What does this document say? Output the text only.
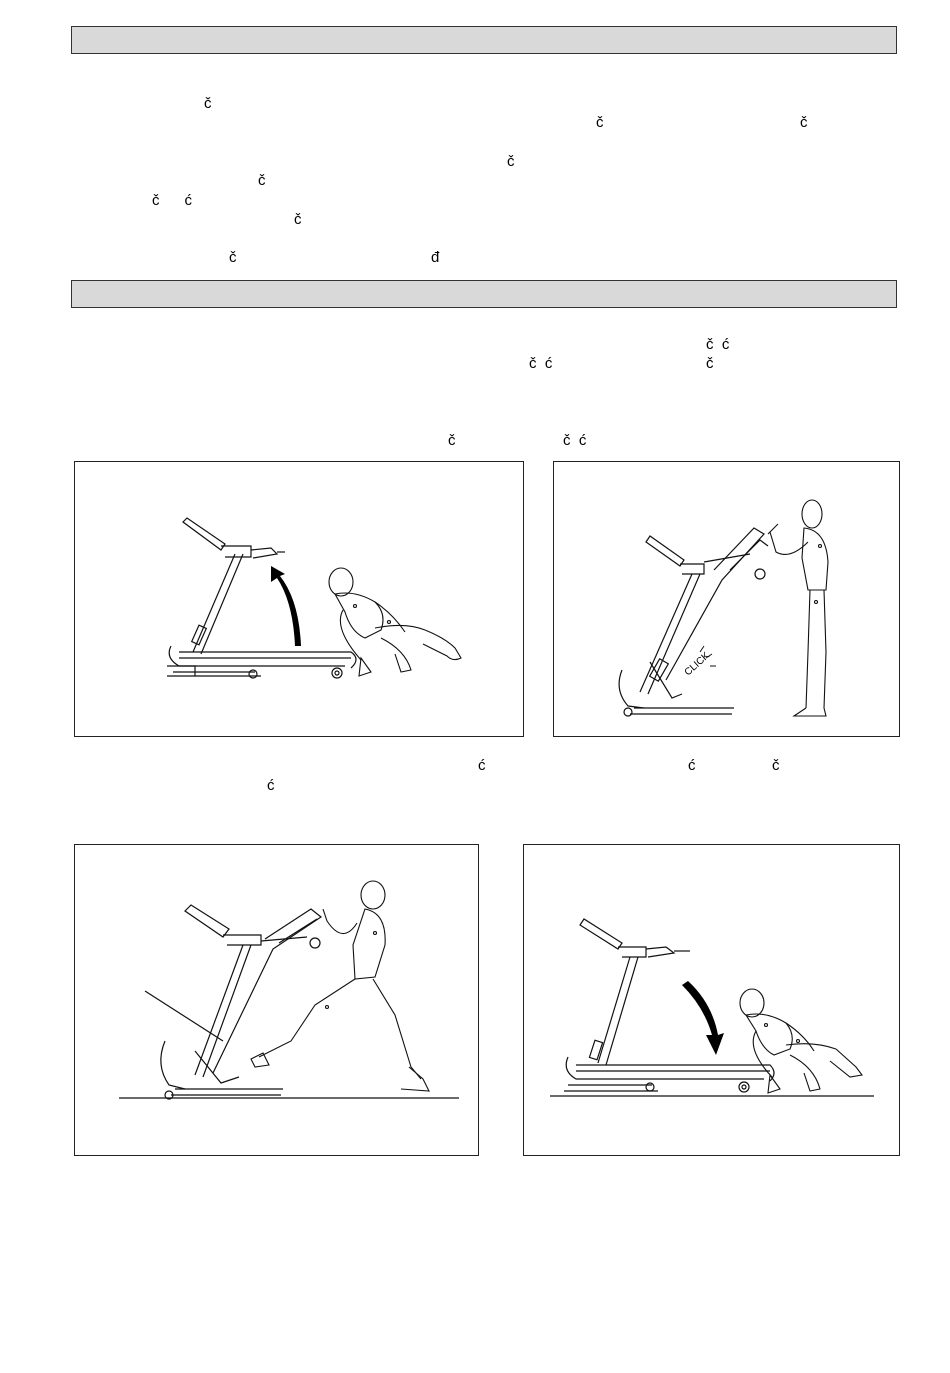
č
č	č
č
č
č      ć
č
č	đ
č  ć
č  ć	č
č	č  ć
ć	ć	č
ć
CLICK
